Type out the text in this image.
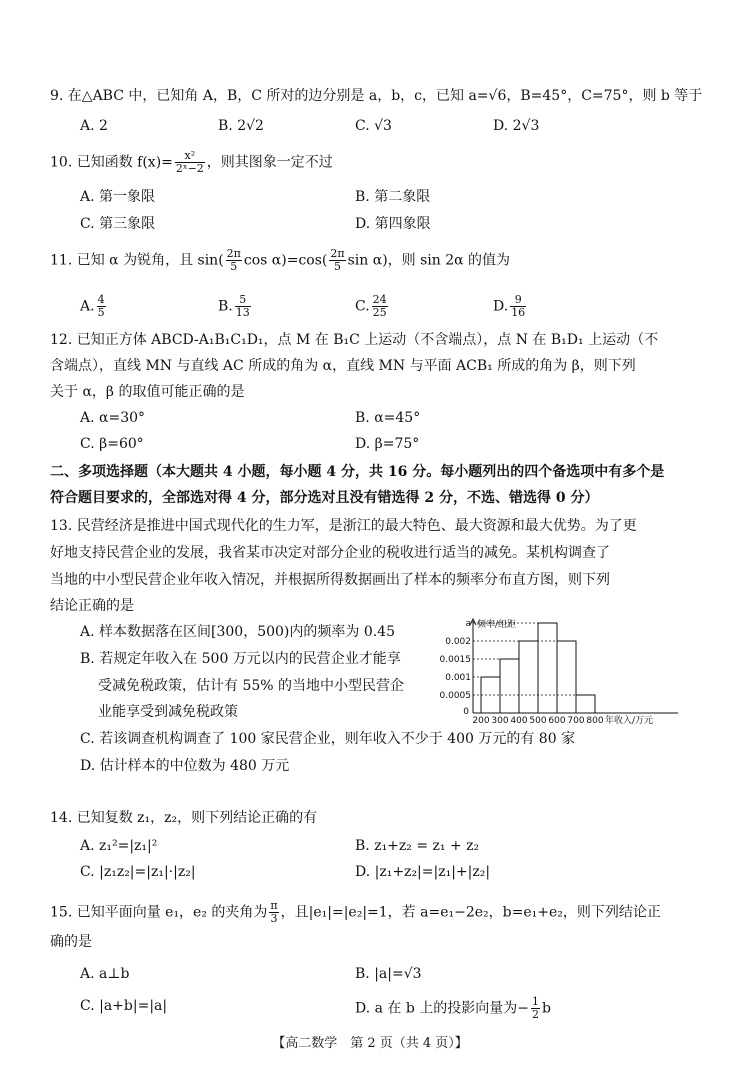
9. 在△ABC 中，已知角 A，B，C 所对的边分别是 a，b，c，已知 a=√6，B=45°，C=75°，则 b 等于
A. 2	B. 2√2	C. √3	D. 2√3
10. 已知函数 $f(x)= \frac{\text{x²}}{\text{2ˣ−2}}$ ，则其图象一定不过
A. 第一象限	B. 第二象限
C. 第三象限	D. 第四象限
11. 已知 α 为锐角，且 $\sin( \frac{2\pi}{5}$ $\cos \alpha)=\cos( \frac{2\pi}{5}$ sin α)，则 sin 2α 的值为
A. $\frac{4}{5}$	B. $\frac{5}{13}$	C. $\frac{24}{25}$	D. $\frac{9}{16}$
12. 已知正方体 ABCD-A₁B₁C₁D₁，点 M 在 B₁C 上运动（不含端点），点 N 在 B₁D₁ 上运动（不
含端点），直线 MN 与直线 AC 所成的角为 α，直线 MN 与平面 ACB₁ 所成的角为 β，则下列
关于 α，β 的取值可能正确的是
A. α=30°	B. α=45°
C. β=60°	D. β=75°
二、多项选择题（本大题共 4 小题，每小题 4 分，共 16 分。每小题列出的四个备选项中有多个是
符合题目要求的，全部选对得 4 分，部分选对且没有错选得 2 分，不选、错选得 0 分）
13. 民营经济是推进中国式现代化的生力军，是浙江的最大特色、最大资源和最大优势。为了更
好地支持民营企业的发展，我省某市决定对部分企业的税收进行适当的减免。某机构调查了
当地的中小型民营企业年收入情况，并根据所得数据画出了样本的频率分布直方图，则下列
结论正确的是
A. 样本数据落在区间[300，500)内的频率为 0.45
B. 若规定年收入在 500 万元以内的民营企业才能享
受减免税政策，估计有 55% 的当地中小型民营企
业能享受到减免税政策
C. 若该调查机构调查了 100 家民营企业，则年收入不少于 400 万元的有 80 家
D. 估计样本的中位数为 480 万元
0.0005
0.001
0.0015
0.002
a 频率/组距
0
200 300 400 500 600 700 800 年收入/万元
14. 已知复数 z₁，z₂，则下列结论正确的有
A. z₁²=|z₁|²	B. z₁+z₂ = z₁ + z₂
C. |z₁z₂|=|z₁|·|z₂|	D. |z₁+z₂|=|z₁|+|z₂|
15. 已知平面向量 e₁，e₂ 的夹角为 $\frac{\pi}{3}$ ，且|e₁|=|e₂|=1，若 a=e₁−2e₂，b=e₁+e₂，则下列结论正
确的是
A. a⊥b	B. |a|=√3
C. |a+b|=|a|	D. a 在 b 上的投影向量为− $\frac{1}{2}$ b
【高二数学　第 2 页（共 4 页）】
